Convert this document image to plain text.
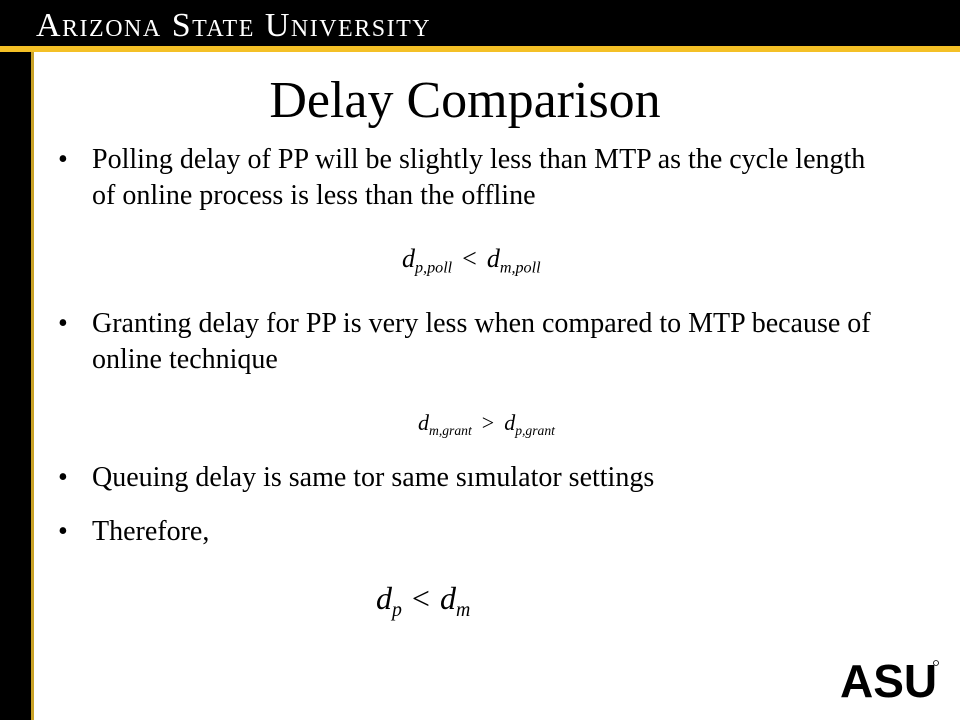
Arizona State University
Delay Comparison
• Polling delay of PP will be slightly less than MTP as the cycle length of online process is less than the offline
$d_{p,poll} < d_{m,poll}$
• Granting delay for PP is very less when compared to MTP because of online technique
$d_{m,grant} > d_{p,grant}$
• Queuing delay is same tor same sımulator settings
• Therefore,
$d_p < d_m$
ASU
